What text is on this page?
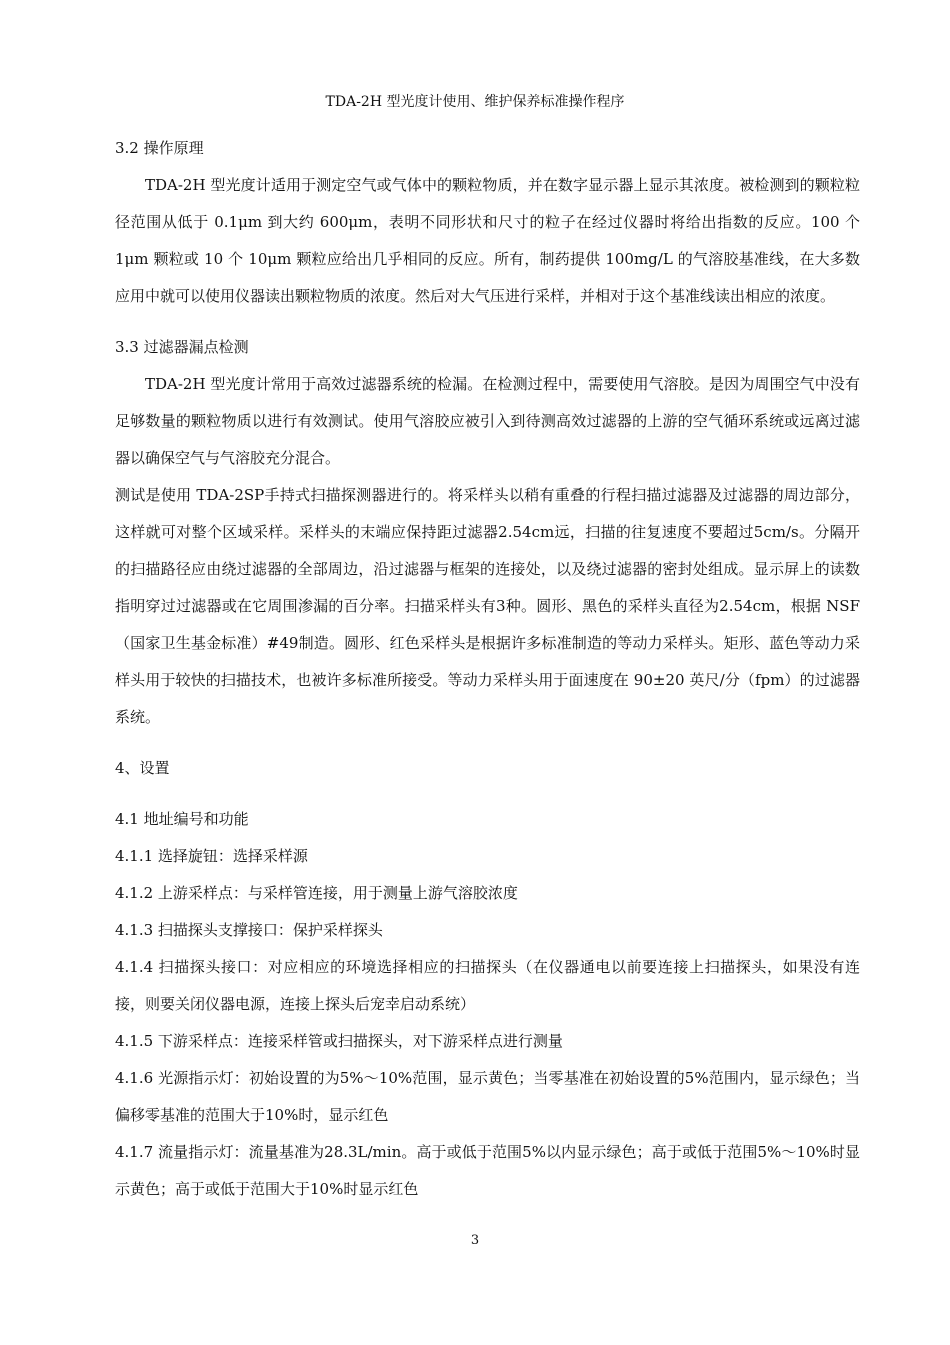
TDA-2H 型光度计使用、维护保养标准操作程序

3.2 操作原理

TDA-2H 型光度计适用于测定空气或气体中的颗粒物质，并在数字显示器上显示其浓度。被检测到的颗粒粒径范围从低于 0.1μm 到大约 600μm，表明不同形状和尺寸的粒子在经过仪器时将给出指数的反应。100 个 1μm 颗粒或 10 个 10μm 颗粒应给出几乎相同的反应。所有，制药提供 100mg/L 的气溶胶基准线，在大多数应用中就可以使用仪器读出颗粒物质的浓度。然后对大气压进行采样，并相对于这个基准线读出相应的浓度。

3.3 过滤器漏点检测

TDA-2H 型光度计常用于高效过滤器系统的检漏。在检测过程中，需要使用气溶胶。是因为周围空气中没有足够数量的颗粒物质以进行有效测试。使用气溶胶应被引入到待测高效过滤器的上游的空气循环系统或远离过滤器以确保空气与气溶胶充分混合。

测试是使用 TDA-2SP手持式扫描探测器进行的。将采样头以稍有重叠的行程扫描过滤器及过滤器的周边部分，这样就可对整个区域采样。采样头的末端应保持距过滤器2.54cm远，扫描的往复速度不要超过5cm/s。分隔开的扫描路径应由绕过滤器的全部周边，沿过滤器与框架的连接处，以及绕过滤器的密封处组成。显示屏上的读数指明穿过过滤器或在它周围渗漏的百分率。扫描采样头有3种。圆形、黑色的采样头直径为2.54cm，根据 NSF（国家卫生基金标准）#49制造。圆形、红色采样头是根据许多标准制造的等动力采样头。矩形、蓝色等动力采样头用于较快的扫描技术，也被许多标准所接受。等动力采样头用于面速度在 90±20 英尺/分（fpm）的过滤器系统。

4、设置

4.1 地址编号和功能

4.1.1 选择旋钮：选择采样源

4.1.2 上游采样点：与采样管连接，用于测量上游气溶胶浓度

4.1.3 扫描探头支撑接口：保护采样探头

4.1.4 扫描探头接口：对应相应的环境选择相应的扫描探头（在仪器通电以前要连接上扫描探头，如果没有连接，则要关闭仪器电源，连接上探头后宠幸启动系统）

4.1.5 下游采样点：连接采样管或扫描探头，对下游采样点进行测量

4.1.6 光源指示灯：初始设置的为5%～10%范围，显示黄色；当零基准在初始设置的5%范围内，显示绿色；当偏移零基准的范围大于10%时，显示红色

4.1.7 流量指示灯：流量基准为28.3L/min。高于或低于范围5%以内显示绿色；高于或低于范围5%～10%时显示黄色；高于或低于范围大于10%时显示红色

3
